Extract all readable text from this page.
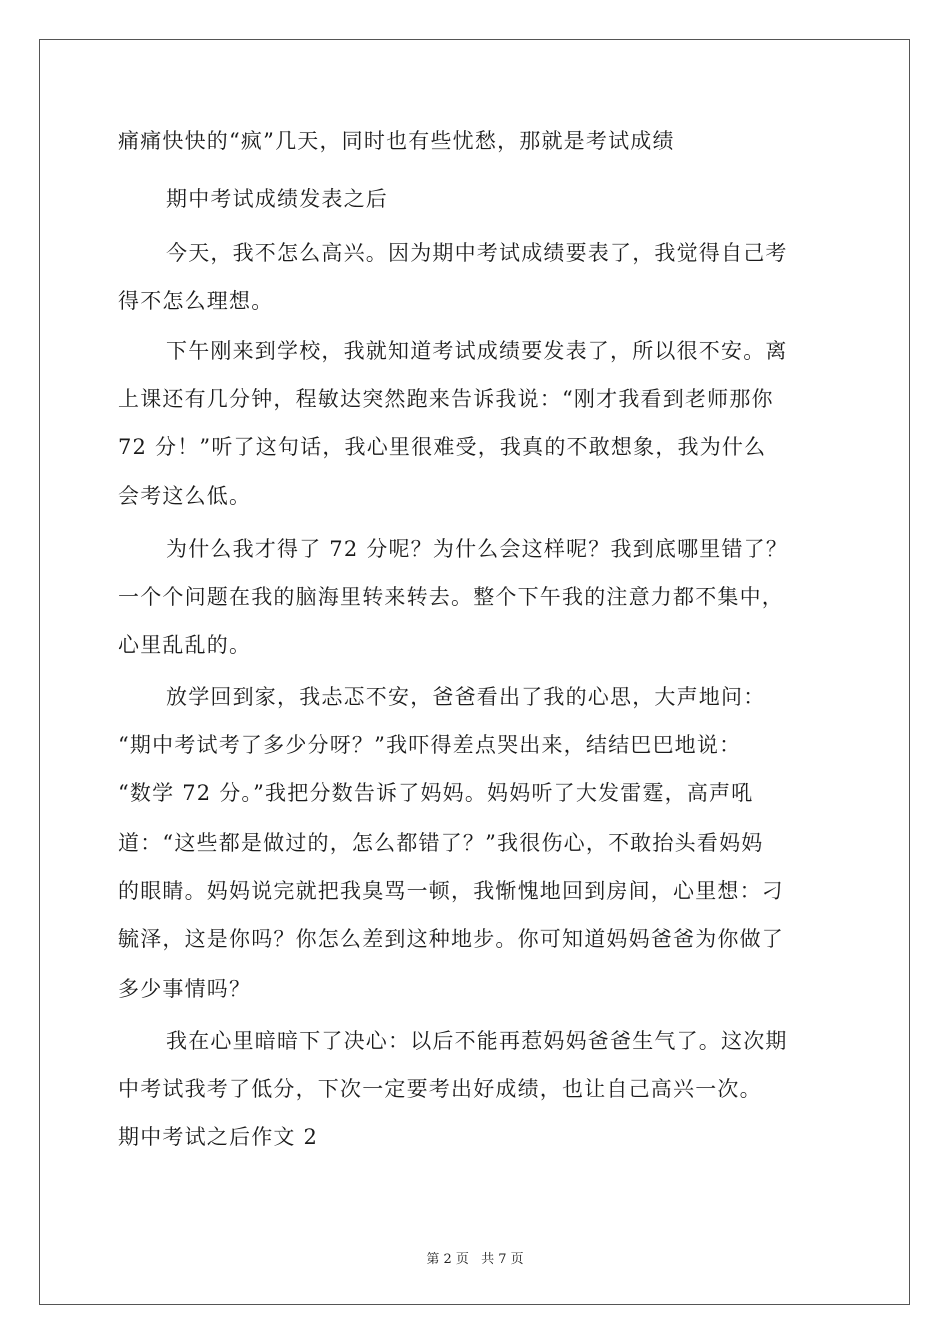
痛痛快快的“疯”几天，同时也有些忧愁，那就是考试成绩
期中考试成绩发表之后
今天，我不怎么高兴。因为期中考试成绩要表了，我觉得自己考
得不怎么理想。
下午刚来到学校，我就知道考试成绩要发表了，所以很不安。离
上课还有几分钟，程敏达突然跑来告诉我说：“刚才我看到老师那你
72 分！”听了这句话，我心里很难受，我真的不敢想象，我为什么
会考这么低。
为什么我才得了 72 分呢？为什么会这样呢？我到底哪里错了？
一个个问题在我的脑海里转来转去。整个下午我的注意力都不集中，
心里乱乱的。
放学回到家，我忐忑不安，爸爸看出了我的心思，大声地问：
“期中考试考了多少分呀？”我吓得差点哭出来，结结巴巴地说：
“数学 72 分。”我把分数告诉了妈妈。妈妈听了大发雷霆，高声吼
道：“这些都是做过的，怎么都错了？”我很伤心，不敢抬头看妈妈
的眼睛。妈妈说完就把我臭骂一顿，我惭愧地回到房间，心里想：刁
毓泽，这是你吗？你怎么差到这种地步。你可知道妈妈爸爸为你做了
多少事情吗？
我在心里暗暗下了决心：以后不能再惹妈妈爸爸生气了。这次期
中考试我考了低分，下次一定要考出好成绩，也让自己高兴一次。
期中考试之后作文 2
第 2 页 共 7 页
